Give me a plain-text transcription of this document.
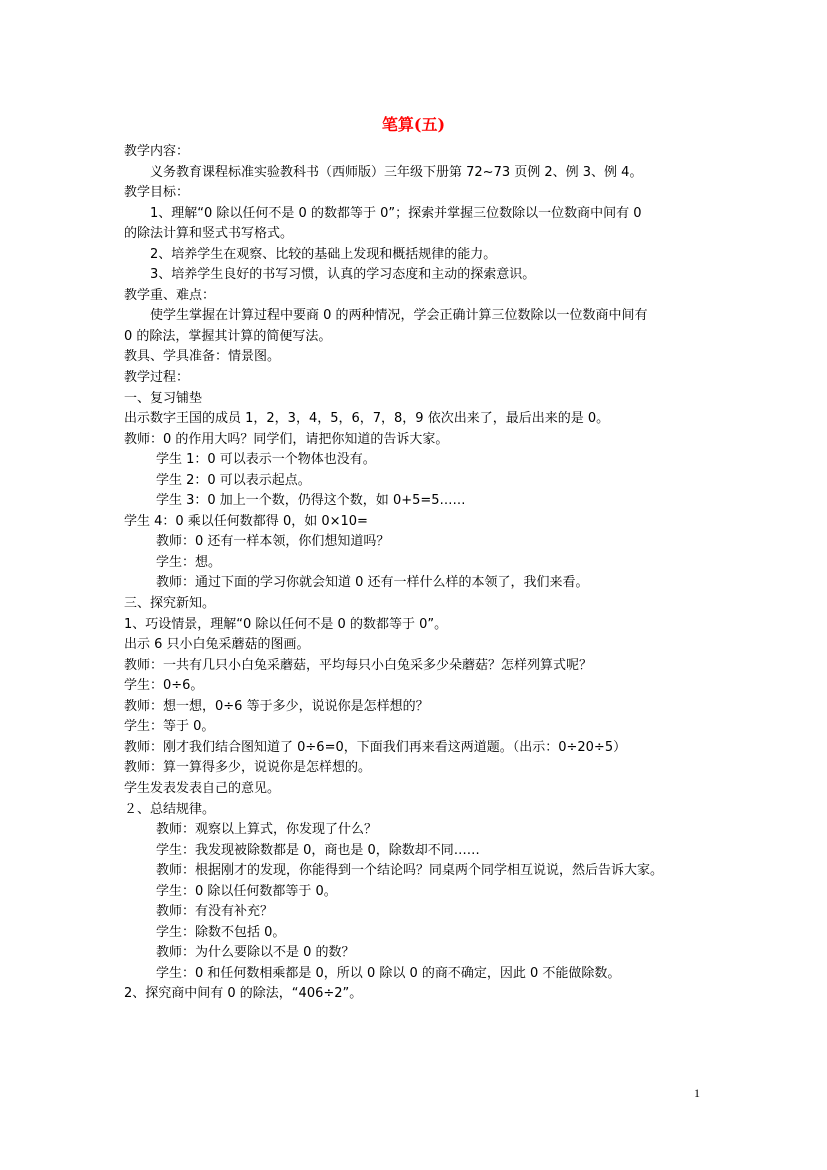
笔算(五)
教学内容：
义务教育课程标准实验教科书（西师版）三年级下册第 72~73 页例 2、例 3、例 4。
教学目标：
1、理解“0 除以任何不是 0 的数都等于 0”；探索并掌握三位数除以一位数商中间有 0
的除法计算和竖式书写格式。
2、培养学生在观察、比较的基础上发现和概括规律的能力。
3、培养学生良好的书写习惯，认真的学习态度和主动的探索意识。
教学重、难点：
使学生掌握在计算过程中要商 0 的两种情况，学会正确计算三位数除以一位数商中间有
0 的除法，掌握其计算的简便写法。
教具、学具准备：情景图。
教学过程：
一、复习铺垫
出示数字王国的成员 1，2，3，4，5，6，7，8，9 依次出来了，最后出来的是 0。
教师：0 的作用大吗？同学们，请把你知道的告诉大家。
学生 1：0 可以表示一个物体也没有。
学生 2：0 可以表示起点。
学生 3：0 加上一个数，仍得这个数，如 0+5=5……
学生 4：0 乘以任何数都得 0，如 0×10=
教师：0 还有一样本领，你们想知道吗？
学生：想。
教师：通过下面的学习你就会知道 0 还有一样什么样的本领了，我们来看。
三、探究新知。
1、巧设情景，理解“0 除以任何不是 0 的数都等于 0”。
出示 6 只小白兔采蘑菇的图画。
教师：一共有几只小白兔采蘑菇，平均每只小白兔采多少朵蘑菇？怎样列算式呢？
学生：0÷6。
教师：想一想，0÷6 等于多少，说说你是怎样想的？
学生：等于 0。
教师：刚才我们结合图知道了 0÷6=0，下面我们再来看这两道题。（出示：0÷20÷5）
教师：算一算得多少，说说你是怎样想的。
学生发表发表自己的意见。
２、总结规律。
教师：观察以上算式，你发现了什么？
学生：我发现被除数都是 0，商也是 0，除数却不同……
教师：根据刚才的发现，你能得到一个结论吗？同桌两个同学相互说说，然后告诉大家。
学生：0 除以任何数都等于 0。
教师：有没有补充？
学生：除数不包括 0。
教师：为什么要除以不是 0 的数？
学生：0 和任何数相乘都是 0，所以 0 除以 0 的商不确定，因此 0 不能做除数。
2、探究商中间有 0 的除法，“406÷2”。
1
